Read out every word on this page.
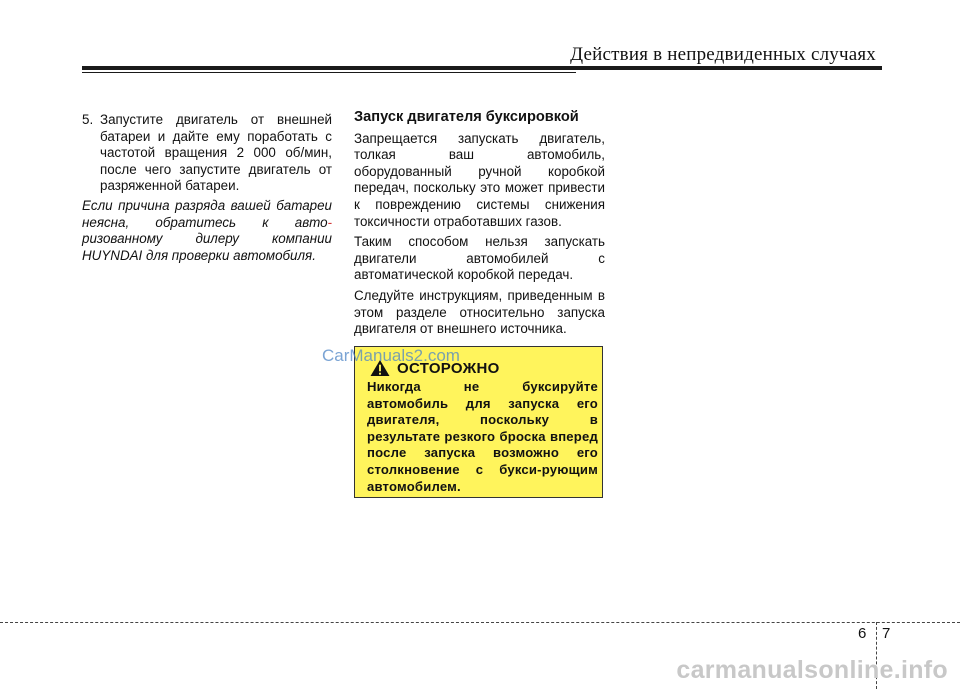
Действия в непредвиденных случаях
5. Запустите двигатель от внешней батареи и дайте ему поработать с частотой вращения 2 000 об/мин, после чего запустите двигатель от разряженной батареи.
Если причина разряда вашей батареи неясна, обратитесь к авто- ризованному дилеру компании HUYNDAI для проверки автомобиля.
Запуск двигателя буксировкой

Запрещается запускать двигатель, толкая ваш автомобиль, оборудованный ручной коробкой передач, поскольку это может привести к повреждению системы снижения токсичности отработавших газов.

Таким способом нельзя запускать двигатели автомобилей с автоматической коробкой передач.

Следуйте инструкциям, приведенным в этом разделе относительно запуска двигателя от внешнего источника.

ОСТОРОЖНО
Никогда не буксируйте автомобиль для запуска его двигателя, поскольку в результате резкого броска вперед после запуска возможно его столкновение с букси-рующим автомобилем.
CarManuals2.com
6 7
carmanualsonline.info
